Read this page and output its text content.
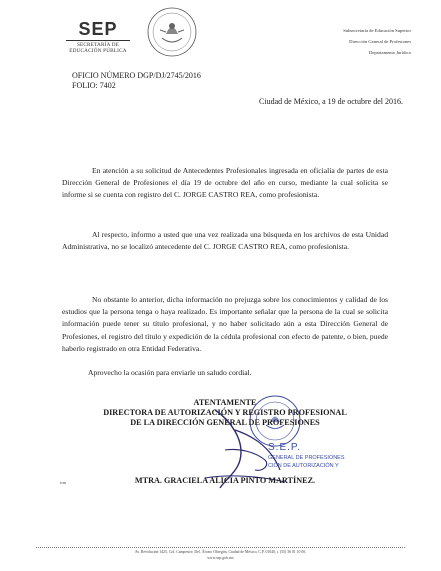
SEP
SECRETARÍA DE
EDUCACIÓN PÚBLICA
Subsecretaría de Educación Superior
Dirección General de Profesiones
Departamento Jurídico
OFICIO NÚMERO DGP/DJ/2745/2016
FOLIO: 7402
Ciudad de México, a 19 de octubre del 2016.
En atención a su solicitud de Antecedentes Profesionales ingresada en oficialía de partes de esta Dirección General de Profesiones el día 19 de octubre del año en curso, mediante la cual solicita se informe si se cuenta con registro del C. JORGE CASTRO REA, como profesionista.
Al respecto, informo a usted que una vez realizada una búsqueda en los archivos de esta Unidad Administrativa, no se localizó antecedente del C. JORGE CASTRO REA, como profesionista.
No obstante lo anterior, dicha información no prejuzga sobre los conocimientos y calidad de los estudios que la persona tenga o haya realizado. Es importante señalar que la persona de la cual se solicita información puede tener su título profesional, y no haber solicitado aún a esta Dirección General de Profesiones, el registro del título y expedición de la cédula profesional con efecto de patente, o bien, puede haberlo registrado en otra Entidad Federativa.
Aprovecho la ocasión para enviarle un saludo cordial.
ATENTAMENTE
DIRECTORA DE AUTORIZACIÓN Y REGISTRO PROFESIONAL
DE LA DIRECCIÓN GENERAL DE PROFESIONES
S.E.P.
GENERAL DE PROFESIONES
CIÓN DE AUTORIZACIÓN Y
MTRA. GRACIELA ALICIA PINTO MARTÍNEZ.
tcm
Av. Revolución 1425, Col. Campestre, Del. Álvaro Obregón, Ciudad de México, C.P. 01040, t. (55) 36 01 10 00,
www.sep.gob.mx
